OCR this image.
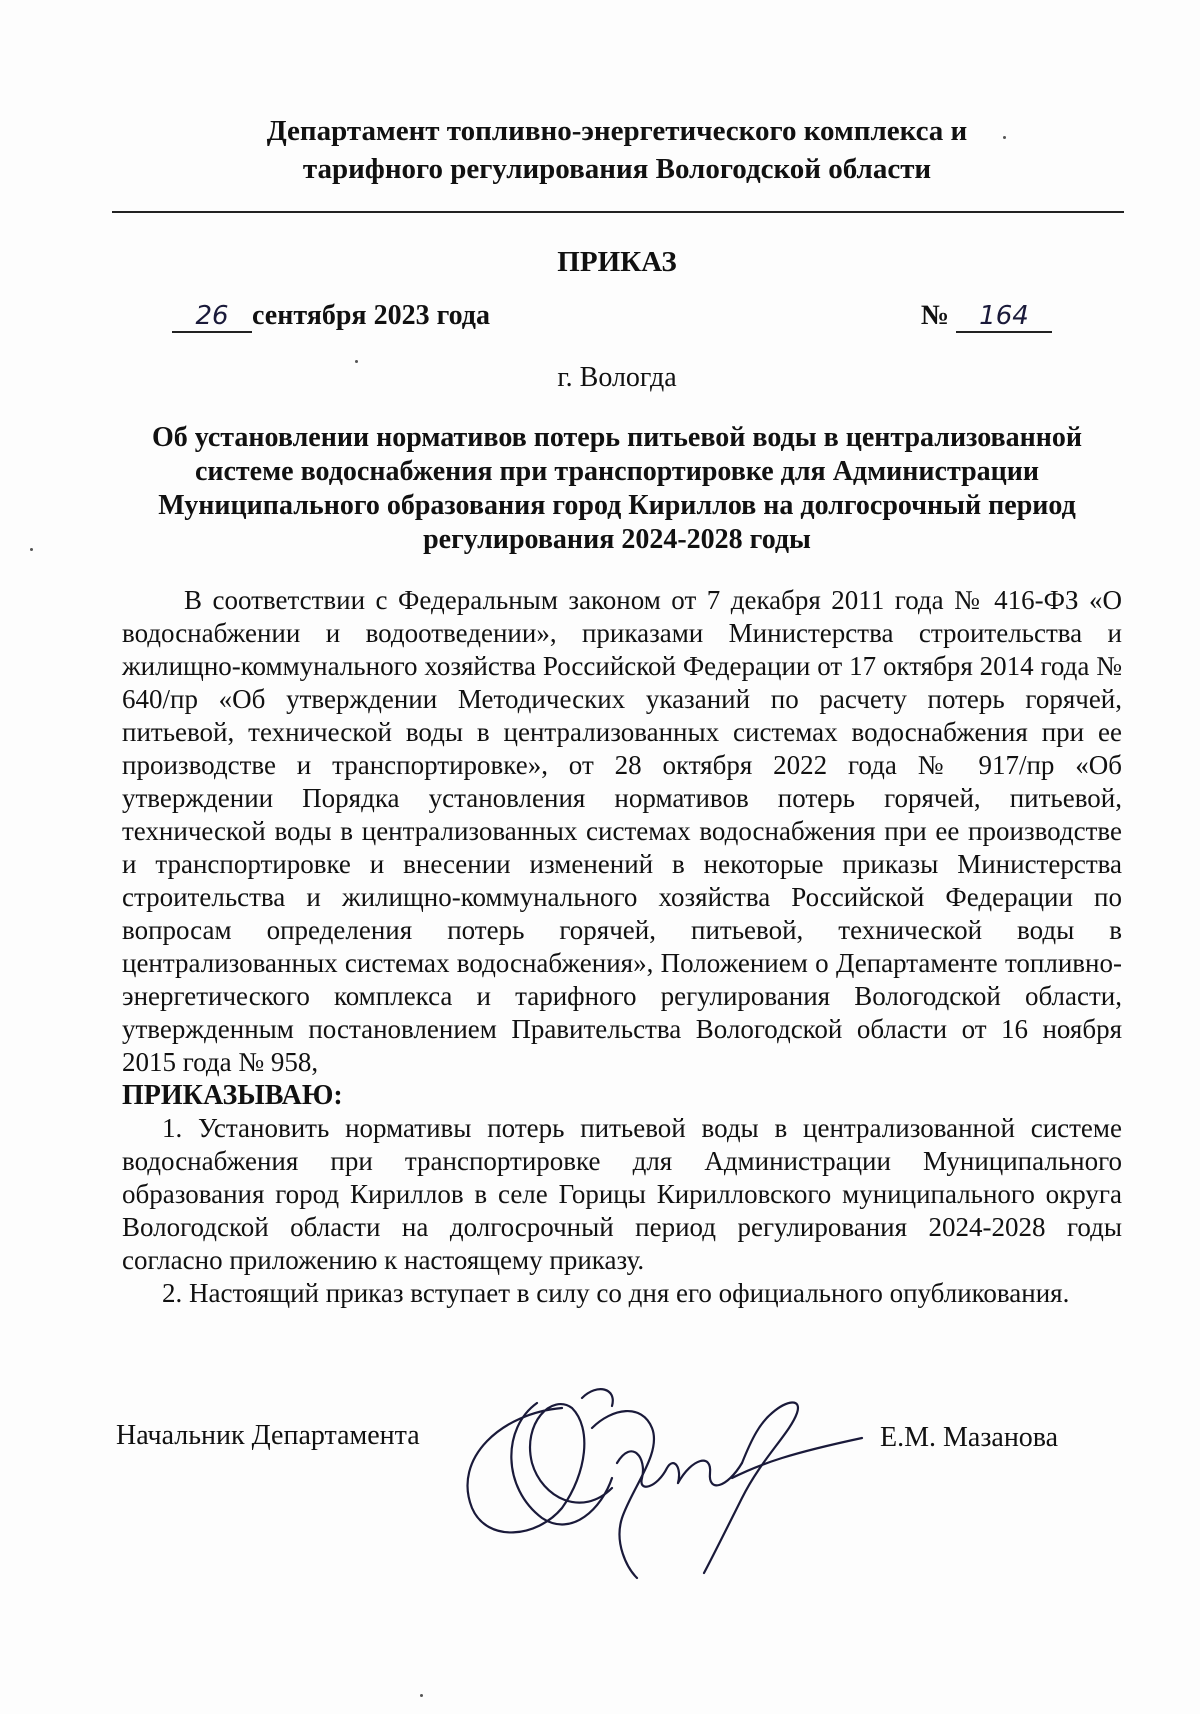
Департамент топливно-энергетического комплекса и
тарифного регулирования Вологодской области
ПРИКАЗ
26 сентября 2023 года	№ 164
г. Вологда
Об установлении нормативов потерь питьевой воды в централизованной
системе водоснабжения при транспортировке для Администрации
Муниципального образования город Кириллов на долгосрочный период
регулирования 2024-2028 годы

В соответствии с Федеральным законом от 7 декабря 2011 года № 416-ФЗ «О водоснабжении и водоотведении», приказами Министерства строительства и жилищно-коммунального хозяйства Российской Федерации от 17 октября 2014 года № 640/пр «Об утверждении Методических указаний по расчету потерь горячей, питьевой, технической воды в централизованных системах водоснабжения при ее производстве и транспортировке», от 28 октября 2022 года № 917/пр «Об утверждении Порядка установления нормативов потерь горячей, питьевой, технической воды в централизованных системах водоснабжения при ее производстве и транспортировке и внесении изменений в некоторые приказы Министерства строительства и жилищно-коммунального хозяйства Российской Федерации по вопросам определения потерь горячей, питьевой, технической воды в централизованных системах водоснабжения», Положением о Департаменте топливно-энергетического комплекса и тарифного регулирования Вологодской области, утвержденным постановлением Правительства Вологодской области от 16 ноября 2015 года № 958,

ПРИКАЗЫВАЮ:

1. Установить нормативы потерь питьевой воды в централизованной системе водоснабжения при транспортировке для Администрации Муниципального образования город Кириллов в селе Горицы Кирилловского муниципального округа Вологодской области на долгосрочный период регулирования 2024-2028 годы согласно приложению к настоящему приказу.

2. Настоящий приказ вступает в силу со дня его официального опубликования.

Начальник Департамента	Е.М. Мазанова
